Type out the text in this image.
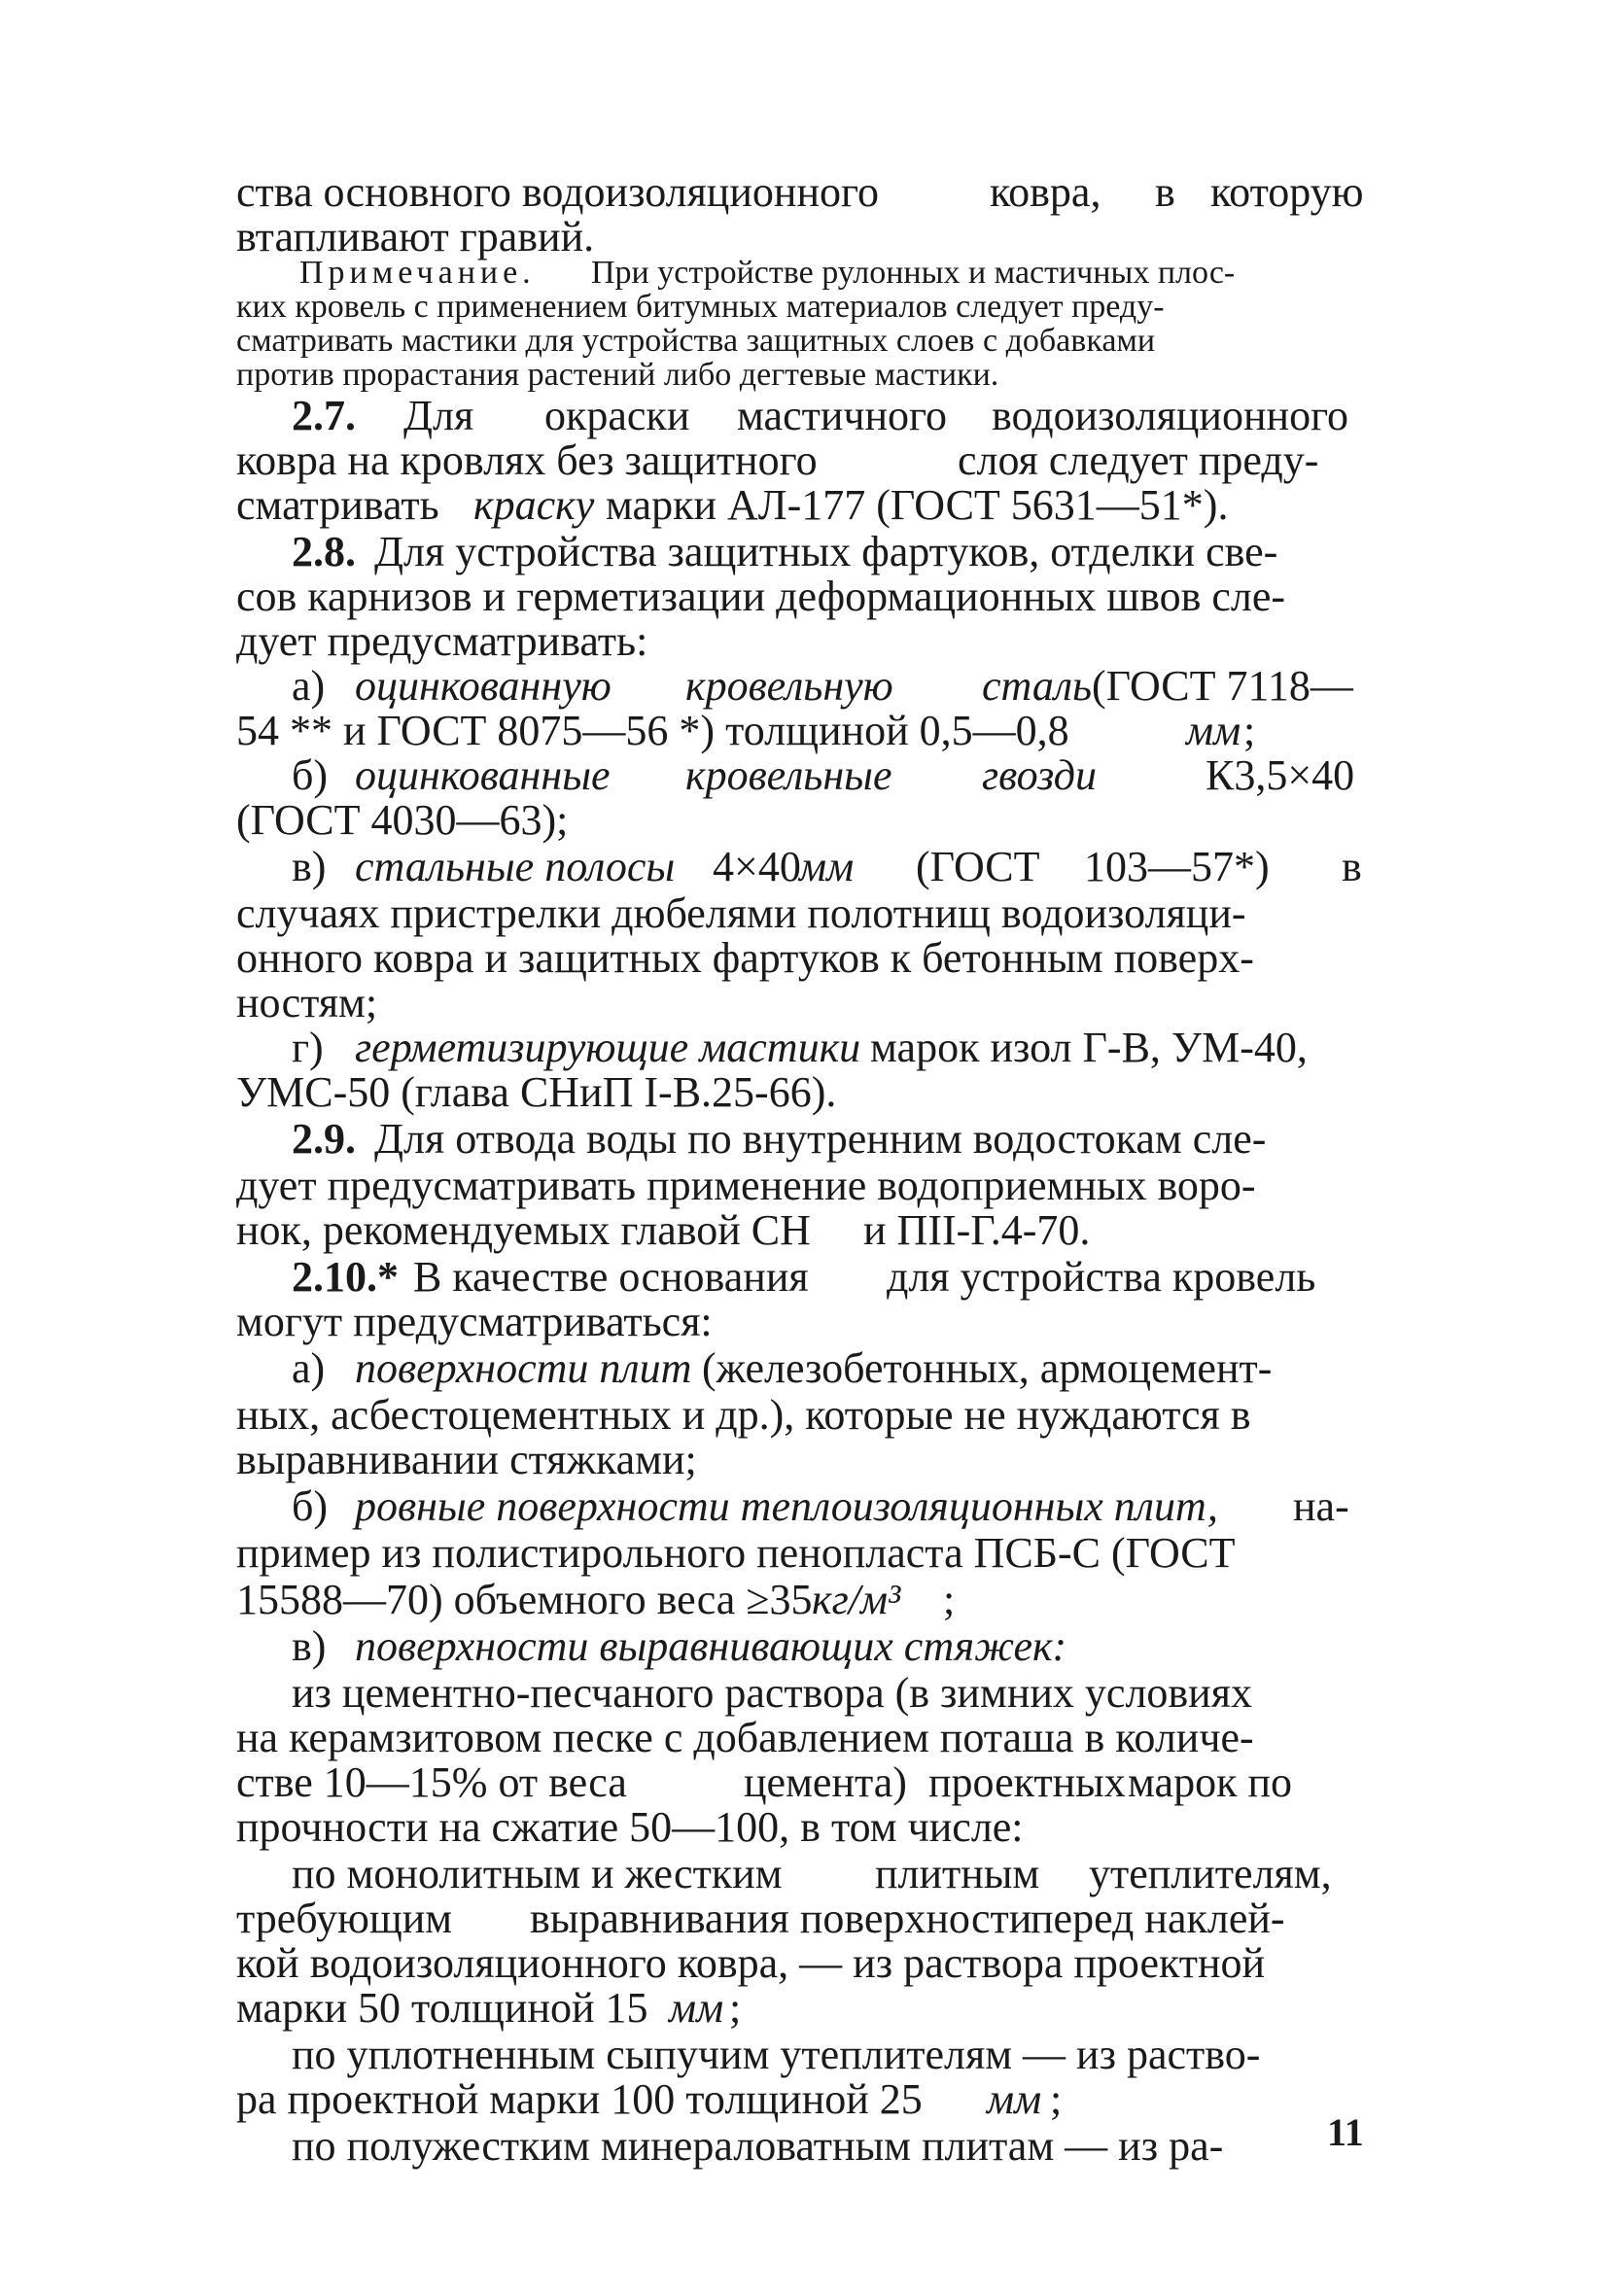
ства основного водоизоляционного	ковра, в которую
втапливают гравий.
Примечание. При устройстве рулонных и мастичных плос-
ких кровель с применением битумных материалов следует преду-
сматривать мастики для устройства защитных слоев с добавками
против прорастания растений либо дегтевые мастики.
2.7. Для окраски мастичного водоизоляционного
ковра на кровлях без защитного	слоя следует преду-
сматривать краску марки АЛ-177 (ГОСТ 5631—51*).
2.8. Для устройства защитных фартуков, отделки све-
сов карнизов и герметизации деформационных швов сле-
дует предусматривать:
а) оцинкованную кровельную сталь (ГОСТ 7118—
54 ** и ГОСТ 8075—56 *) толщиной 0,5—0,8	мм ;
б) оцинкованные кровельные гвозди	К3,5×40
(ГОСТ 4030—63);
в) стальные полосы 4×40
мм (ГОСТ 103—57*) в
случаях пристрелки дюбелями полотнищ водоизоляци-
онного ковра и защитных фартуков к бетонным поверх-
ностям;
г) герметизирующие мастики марок изол Г-В, УМ-40,
УМС-50 (глава СНиП I-В.25-66).
2.9. Для отвода воды по внутренним водостокам сле-
дует предусматривать применение водоприемных воро-
нок, рекомендуемых главой СН и ПII-Г.4-70.
2.10.* В качестве основания для устройства кровель
могут предусматриваться:
а) поверхности плит (железобетонных, армоцемент-
ных, асбестоцементных и др.), которые не нуждаются в
выравнивании стяжками;
б) ровные поверхности теплоизоляционных плит, на-
пример из полистирольного пенопласта ПСБ-С (ГОСТ
15588—70) объемного веса ≥35 кг/м³ ;
в) поверхности выравнивающих стяжек:
из цементно-песчаного раствора (в зимних условиях
на керамзитовом песке с добавлением поташа в количе-
стве 10—15% от веса	цемента) проектных марок по
прочности на сжатие 50—100, в том числе:
по монолитным и жестким плитным утеплителям,
требующим выравнивания поверхности
перед наклей-
кой водоизоляционного ковра, — из раствора проектной
марки 50 толщиной 15 мм ;
по уплотненным сыпучим утеплителям — из раство-
ра проектной марки 100 толщиной 25 мм ;
по полужестким минераловатным плитам — из ра-	11
